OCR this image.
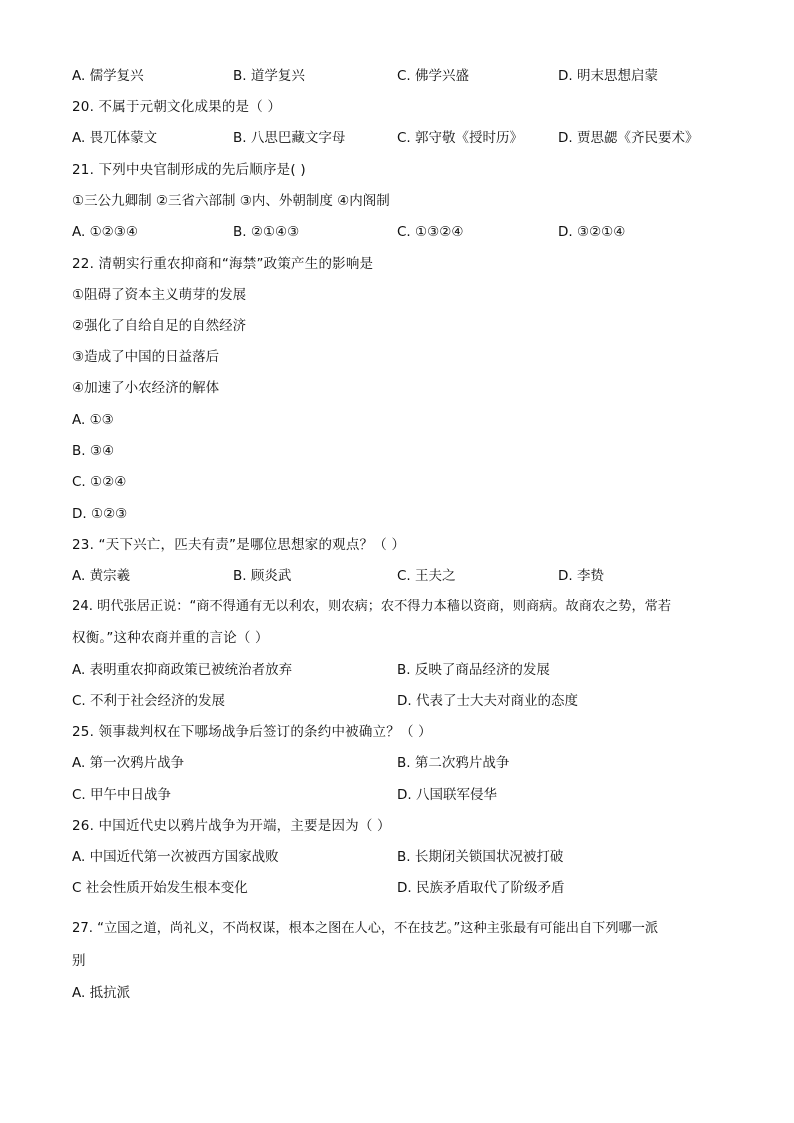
A. 儒学复兴	B. 道学复兴	C. 佛学兴盛	D. 明末思想启蒙
20. 不属于元朝文化成果的是（ ）
A. 畏兀体蒙文	B. 八思巴藏文字母	C. 郭守敬《授时历》	D. 贾思勰《齐民要术》
21. 下列中央官制形成的先后顺序是( )
①三公九卿制 ②三省六部制 ③内、外朝制度 ④内阁制
A. ①②③④	B. ②①④③	C. ①③②④	D. ③②①④
22. 清朝实行重农抑商和“海禁”政策产生的影响是
①阻碍了资本主义萌芽的发展
②强化了自给自足的自然经济
③造成了中国的日益落后
④加速了小农经济的解体
A. ①③
B. ③④
C. ①②④
D. ①②③
23. “天下兴亡，匹夫有责”是哪位思想家的观点？（ ）
A. 黄宗羲	B. 顾炎武	C. 王夫之	D. 李贽
24. 明代张居正说：“商不得通有无以利农，则农病；农不得力本穑以资商，则商病。故商农之势，常若
权衡。”这种农商并重的言论（ ）
A. 表明重农抑商政策已被统治者放弃	B. 反映了商品经济的发展
C. 不利于社会经济的发展	D. 代表了士大夫对商业的态度
25. 领事裁判权在下哪场战争后签订的条约中被确立？（ ）
A. 第一次鸦片战争	B. 第二次鸦片战争
C. 甲午中日战争	D. 八国联军侵华
26. 中国近代史以鸦片战争为开端，主要是因为（ ）
A. 中国近代第一次被西方国家战败	B. 长期闭关锁国状况被打破
C 社会性质开始发生根本变化	D. 民族矛盾取代了阶级矛盾
27. “立国之道，尚礼义，不尚权谋，根本之图在人心，不在技艺。”这种主张最有可能出自下列哪一派
别
A. 抵抗派
